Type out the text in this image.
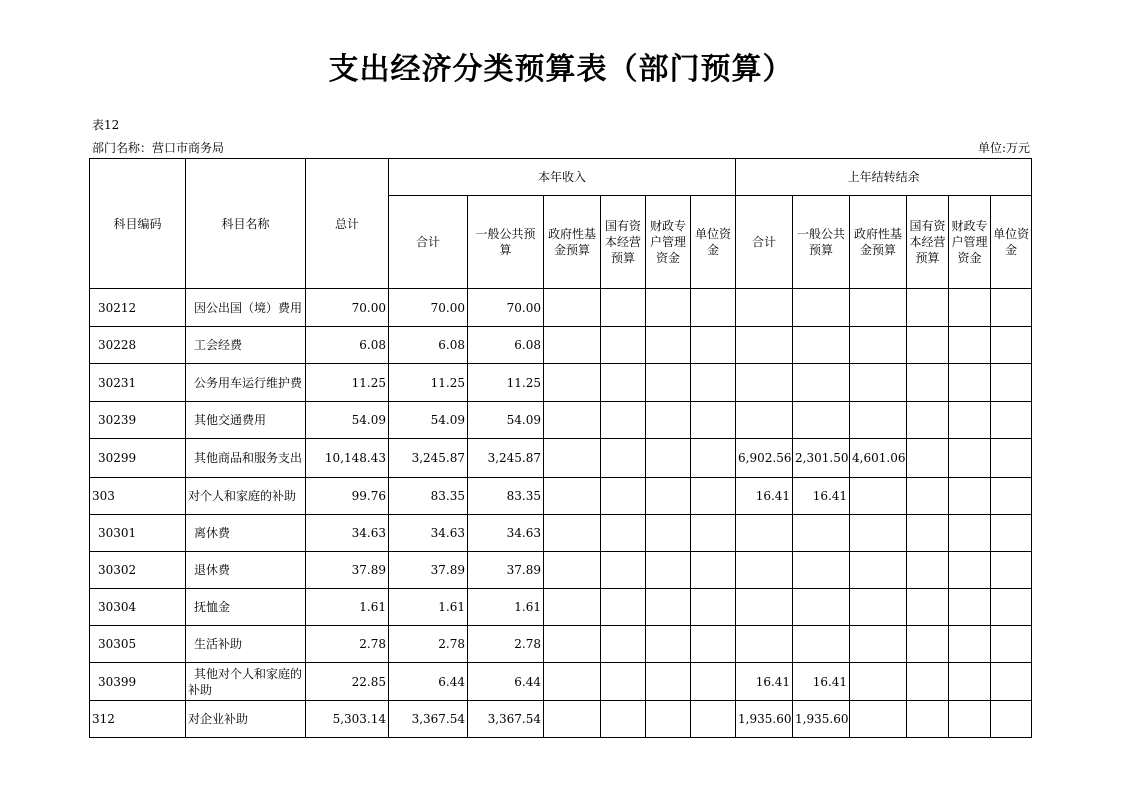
支出经济分类预算表（部门预算）
表12
部门名称：营口市商务局	单位:万元
科目编码	科目名称	总计	本年收入						上年结转结余					
			合计	一般公共预算	政府性基金预算	国有资本经营预算	财政专户管理资金	单位资金	合计	一般公共预算	政府性基金预算	国有资本经营预算	财政专户管理资金	单位资金
30212	因公出国（境）费用	70.00	70.00	70.00										
30228	工会经费	6.08	6.08	6.08										
30231	公务用车运行维护费	11.25	11.25	11.25										
30239	其他交通费用	54.09	54.09	54.09										
30299	其他商品和服务支出	10,148.43	3,245.87	3,245.87					6,902.56	2,301.50	4,601.06			
303	对个人和家庭的补助	99.76	83.35	83.35					16.41	16.41				
30301	离休费	34.63	34.63	34.63										
30302	退休费	37.89	37.89	37.89										
30304	抚恤金	1.61	1.61	1.61										
30305	生活补助	2.78	2.78	2.78										
30399	其他对个人和家庭的补助	22.85	6.44	6.44					16.41	16.41				
312	对企业补助	5,303.14	3,367.54	3,367.54					1,935.60	1,935.60				
